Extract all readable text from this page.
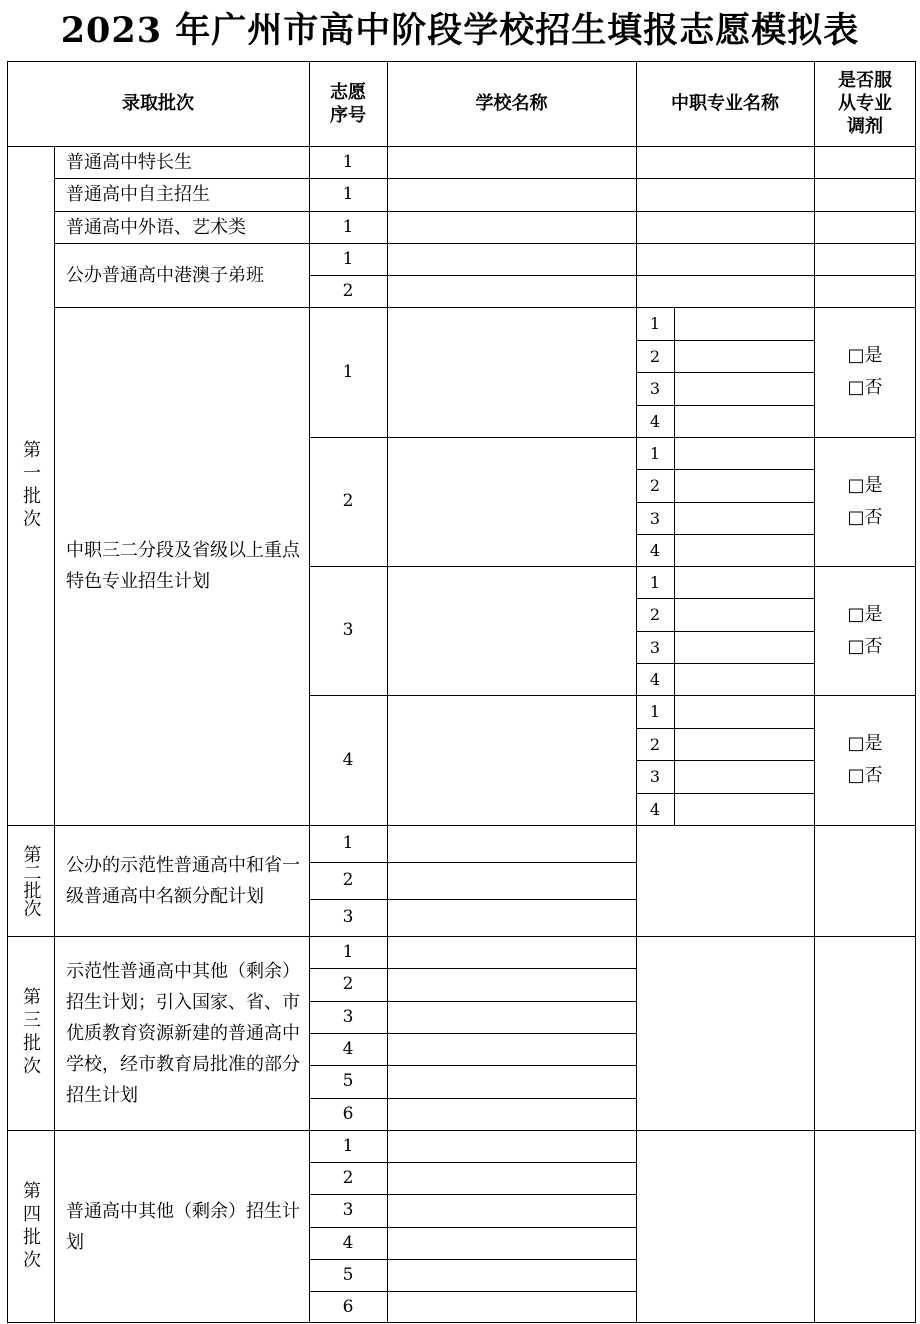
2023 年广州市高中阶段学校招生填报志愿模拟表
录取批次
志愿
序号
学校名称	中职专业名称
是否服
从专业
调剂
第一批次
第二批次
第三批次
第四批次
普通高中特长生
普通高中自主招生
普通高中外语、艺术类
公办普通高中港澳子弟班
中职三二分段及省级以上重点特色专业招生计划
公办的示范性普通高中和省一级普通高中名额分配计划
示范性普通高中其他（剩余）招生计划；引入国家、省、市优质教育资源新建的普通高中学校，经市教育局批准的部分招生计划
普通高中其他（剩余）招生计划
1
1
1
1
2
1
1
2
3
4
□是
□否
2
1
2
3
4
□是
□否
3
1
2
3
4
□是
□否
4
1
2
3
4
□是
□否
1
2
3
1
2
3
4
5
6
1
2
3
4
5
6
